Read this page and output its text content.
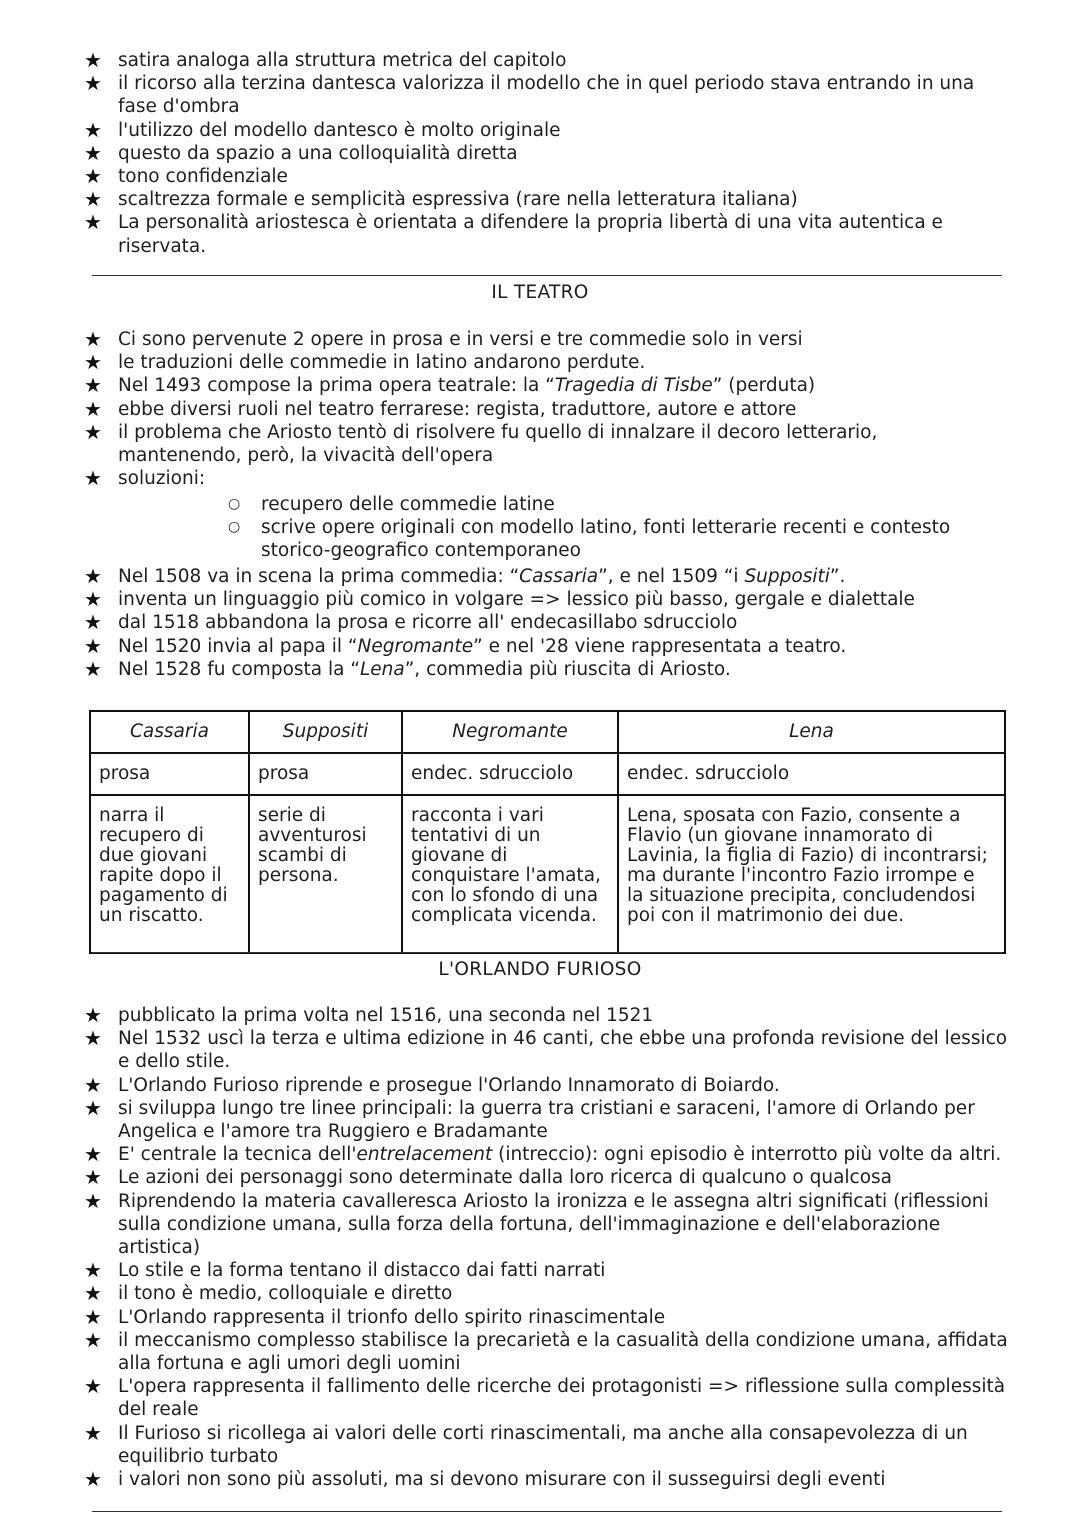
★ satira analoga alla struttura metrica del capitolo
★ il ricorso alla terzina dantesca valorizza il modello che in quel periodo stava entrando in una fase d'ombra
★ l'utilizzo del modello dantesco è molto originale
★ questo da spazio a una colloquialità diretta
★ tono confidenziale
★ scaltrezza formale e semplicità espressiva (rare nella letteratura italiana)
★ La personalità ariostesca è orientata a difendere la propria libertà di una vita autentica e riservata.
IL TEATRO
★ Ci sono pervenute 2 opere in prosa e in versi e tre commedie solo in versi
★ le traduzioni delle commedie in latino andarono perdute.
★ Nel 1493 compose la prima opera teatrale: la “Tragedia di Tisbe” (perduta)
★ ebbe diversi ruoli nel teatro ferrarese: regista, traduttore, autore e attore
★ il problema che Ariosto tentò di risolvere fu quello di innalzare il decoro letterario, mantenendo, però, la vivacità dell'opera
★ soluzioni:
○ recupero delle commedie latine
○ scrive opere originali con modello latino, fonti letterarie recenti e contesto storico-geografico contemporaneo
★ Nel 1508 va in scena la prima commedia: “Cassaria”, e nel 1509 “i Suppositi”.
★ inventa un linguaggio più comico in volgare => lessico più basso, gergale e dialettale
★ dal 1518 abbandona la prosa e ricorre all' endecasillabo sdrucciolo
★ Nel 1520 invia al papa il “Negromante” e nel '28 viene rappresentata a teatro.
★ Nel 1528 fu composta la “Lena”, commedia più riuscita di Ariosto.
Cassaria	Suppositi	Negromante	Lena
prosa	prosa	endec. sdrucciolo	endec. sdrucciolo
narra il recupero di due giovani rapite dopo il pagamento di un riscatto.	serie di avventurosi scambi di persona.	racconta i vari tentativi di un giovane di conquistare l'amata, con lo sfondo di una complicata vicenda.	Lena, sposata con Fazio, consente a Flavio (un giovane innamorato di Lavinia, la figlia di Fazio) di incontrarsi; ma durante l'incontro Fazio irrompe e la situazione precipita, concludendosi poi con il matrimonio dei due.
L'ORLANDO FURIOSO
★ pubblicato la prima volta nel 1516, una seconda nel 1521
★ Nel 1532 uscì la terza e ultima edizione in 46 canti, che ebbe una profonda revisione del lessico e dello stile.
★ L'Orlando Furioso riprende e prosegue l'Orlando Innamorato di Boiardo.
★ si sviluppa lungo tre linee principali: la guerra tra cristiani e saraceni, l'amore di Orlando per Angelica e l'amore tra Ruggiero e Bradamante
★ E' centrale la tecnica dell'entrelacement (intreccio): ogni episodio è interrotto più volte da altri.
★ Le azioni dei personaggi sono determinate dalla loro ricerca di qualcuno o qualcosa
★ Riprendendo la materia cavalleresca Ariosto la ironizza e le assegna altri significati (riflessioni sulla condizione umana, sulla forza della fortuna, dell'immaginazione e dell'elaborazione artistica)
★ Lo stile e la forma tentano il distacco dai fatti narrati
★ il tono è medio, colloquiale e diretto
★ L'Orlando rappresenta il trionfo dello spirito rinascimentale
★ il meccanismo complesso stabilisce la precarietà e la casualità della condizione umana, affidata alla fortuna e agli umori degli uomini
★ L'opera rappresenta il fallimento delle ricerche dei protagonisti => riflessione sulla complessità del reale
★ Il Furioso si ricollega ai valori delle corti rinascimentali, ma anche alla consapevolezza di un equilibrio turbato
★ i valori non sono più assoluti, ma si devono misurare con il susseguirsi degli eventi
